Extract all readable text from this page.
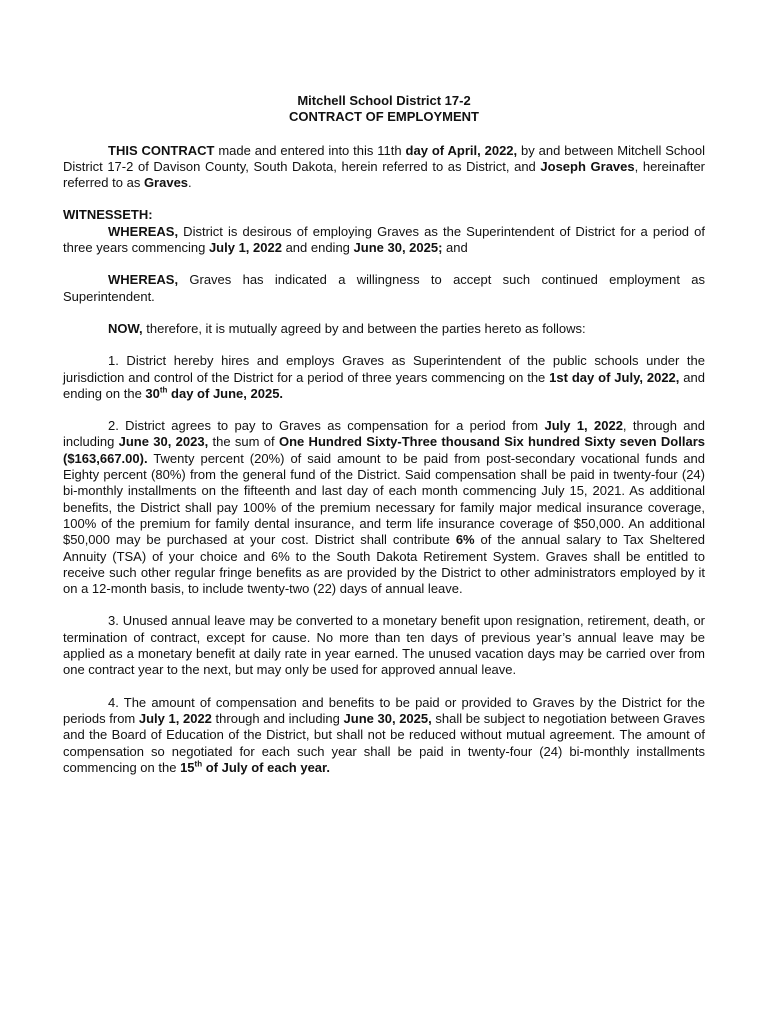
Mitchell School District 17-2
CONTRACT OF EMPLOYMENT

THIS CONTRACT made and entered into this 11th day of April, 2022, by and between Mitchell School District 17-2 of Davison County, South Dakota, herein referred to as District, and Joseph Graves, hereinafter referred to as Graves.

WITNESSETH:

WHEREAS, District is desirous of employing Graves as the Superintendent of District for a period of three years commencing July 1, 2022 and ending June 30, 2025; and

WHEREAS, Graves has indicated a willingness to accept such continued employment as Superintendent.

NOW, therefore, it is mutually agreed by and between the parties hereto as follows:

1. District hereby hires and employs Graves as Superintendent of the public schools under the jurisdiction and control of the District for a period of three years commencing on the 1st day of July, 2022, and ending on the 30th day of June, 2025.

2. District agrees to pay to Graves as compensation for a period from July 1, 2022, through and including June 30, 2023, the sum of One Hundred Sixty-Three thousand Six hundred Sixty seven Dollars ($163,667.00). Twenty percent (20%) of said amount to be paid from post-secondary vocational funds and Eighty percent (80%) from the general fund of the District. Said compensation shall be paid in twenty-four (24) bi-monthly installments on the fifteenth and last day of each month commencing July 15, 2021. As additional benefits, the District shall pay 100% of the premium necessary for family major medical insurance coverage, 100% of the premium for family dental insurance, and term life insurance coverage of $50,000. An additional $50,000 may be purchased at your cost. District shall contribute 6% of the annual salary to Tax Sheltered Annuity (TSA) of your choice and 6% to the South Dakota Retirement System. Graves shall be entitled to receive such other regular fringe benefits as are provided by the District to other administrators employed by it on a 12-month basis, to include twenty-two (22) days of annual leave.

3. Unused annual leave may be converted to a monetary benefit upon resignation, retirement, death, or termination of contract, except for cause. No more than ten days of previous year’s annual leave may be applied as a monetary benefit at daily rate in year earned. The unused vacation days may be carried over from one contract year to the next, but may only be used for approved annual leave.

4. The amount of compensation and benefits to be paid or provided to Graves by the District for the periods from July 1, 2022 through and including June 30, 2025, shall be subject to negotiation between Graves and the Board of Education of the District, but shall not be reduced without mutual agreement. The amount of compensation so negotiated for each such year shall be paid in twenty-four (24) bi-monthly installments commencing on the 15th of July of each year.
